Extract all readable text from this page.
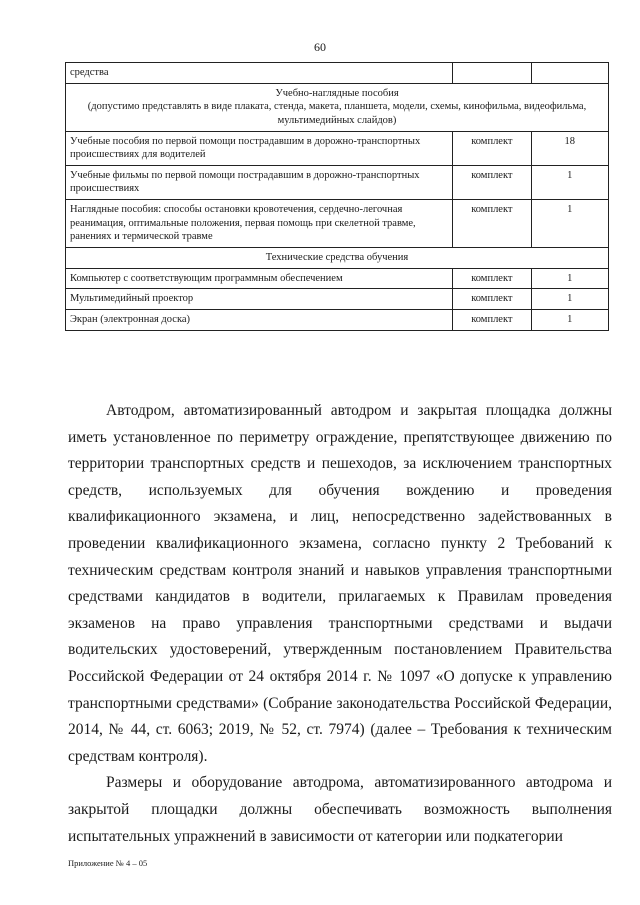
60
средства		

Учебно-наглядные пособия
(допустимо представлять в виде плаката, стенда, макета, планшета, модели, схемы, кинофильма, видеофильма, мультимедийных слайдов)		

Учебные пособия по первой помощи пострадавшим в дорожно-транспортных происшествиях для водителей	комплект	18
Учебные фильмы по первой помощи пострадавшим в дорожно-транспортных происшествиях	комплект	1
Наглядные пособия: способы остановки кровотечения, сердечно-легочная реанимация, оптимальные положения, первая помощь при скелетной травме, ранениях и термической травме	комплект	1

Технические средства обучения		

Компьютер с соответствующим программным обеспечением	комплект	1
Мультимедийный проектор	комплект	1
Экран (электронная доска)	комплект	1

Автодром, автоматизированный автодром и закрытая площадка должны иметь установленное по периметру ограждение, препятствующее движению по территории транспортных средств и пешеходов, за исключением транспортных средств, используемых для обучения вождению и проведения квалификационного экзамена, и лиц, непосредственно задействованных в проведении квалификационного экзамена, согласно пункту 2 Требований к техническим средствам контроля знаний и навыков управления транспортными средствами кандидатов в водители, прилагаемых к Правилам проведения экзаменов на право управления транспортными средствами и выдачи водительских удостоверений, утвержденным постановлением Правительства Российской Федерации от 24 октября 2014 г. № 1097 «О допуске к управлению транспортными средствами» (Собрание законодательства Российской Федерации, 2014, № 44, ст. 6063; 2019, № 52, ст. 7974) (далее – Требования к техническим средствам контроля).

Размеры и оборудование автодрома, автоматизированного автодрома и закрытой площадки должны обеспечивать возможность выполнения испытательных упражнений в зависимости от категории или подкатегории

Приложение № 4 – 05
